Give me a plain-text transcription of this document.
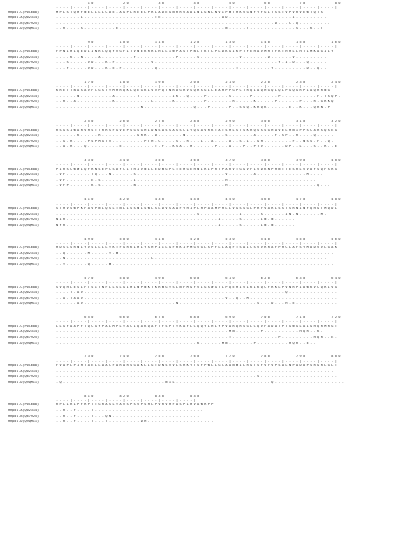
10        20        30        40        50        60        70        80
....|....|....|....|....|....|....|....|....|....|....|....|....|....|....|....|
HRpol-C(P0C688)	MPLSTQHFNELLLLCDE-AGPLREELPRLADEGNRRVADLNLGNLNVIPWTHKVGNFYFGLTSSTVPVRVEWTQTS
HRpol-A(Q02314)	.......L....................TE.................AD..................I.........
HRpol-B(Q67925)	..............................................................D...C.Q.........
HRpol-D(Q9QMI1)	..R....S--.......E..............................N.....T.............S...K..T
90       100       110       120       130       140       150       160
....|....|....|....|....|....|....|....|....|....|....|....|....|....|....|....|
HRpol-C(P0C688)	FPNIHLQEDIINRCQQYVGFLTVNEKRRLHLLIWPASTPNLTKTLPLDKGIKPTFEHAVMHTFKTHHLLHTLMKAGILY
HRpol-A(Q02314)	....K..N....A.........F...........P.....S...........V.......D......V.........
HRpol-B(Q67925)	...S.....VD...K.F..........V...................................Y.I.D...Q.....
HRpol-D(Q9QMI1)	...F.....VD...K.E.F.........Q......................T.........Y.........D..Q..
170       180       190       200       210       220       230       240
....|....|....|....|....|....|....|....|....|....|....|....|....|....|....|....|
HRpol-C(P0C688)	KRETTNASAVFCGSTYMHRQKLQEGKLVVPQTNRDGRVSQRSGILEAHPPGPCTRQLAQHGQLQLPGQGRPLAQRRNG
HRpol-A(Q02314)	......N.........A......T.........IK..Q....P......S.....P.......P..........F.TSQP.
HRpol-B(Q67925)	..R..A..........K..........L.....K........P.......R.....K.....P......P...R.GRKQ
HRpol-D(Q9QMI1)	........................N..............Q...P.....P..SSQ.KRQK......E..K...QRN.P
250       260       270       280       290       300       310       320
....|....|....|....|....|....|....|....|....|....|....|....|....|....|....|....|
HRpol-C(P0C688)	RSGSIWARVHSTTRRSFGVEPSGSGHIDNSASSASSCLYQSAVRKTATSHLSTSKRQSSSGHAVELHNIPPSCARSQSEG
HRpol-A(Q02314)	......K.....R..........GRR..D.......N...........S.......A.....F.SP..R....Q.....
HRpol-B(Q67925)	..G.R....PSPMGTV.........PTH.C....S..R...L..A....D..S.L..GH........F..NSS.F..Q.
HRpol-D(Q9QMI1)	..A.R...Q.........E.........T.F..KSA..H......P...A...P..PTV......DP..L...S..R..E
330       340       350       360       370       380       390       400
....|....|....|....|....|....|....|....|....|....|....|....|....|....|....|....|
HRpol-C(P0C688)	PIRSCWWLQFRNSEPCSDYCLTHIVNLLEDWGPCTEHGEHNIRIPRTPARVTGGVFLVDKNPHNTTESRLVVDFSQFSRG
HRpol-A(Q02314)	.VF.......TQ...N......S.........................V.......A..............M....
HRpol-B(Q67925)	.VF.......E.S.........I.........................H.........................
HRpol-D(Q9QMI1)	.VFP......K.S.........N.........................H.........................Q...
410       420       430       440       450       460       470       480
....|....|....|....|....|....|....|....|....|....|....|....|....|....|....|....|
HRpol-C(P0C688)	STHVSWPKFAVPNLQSLTNLLSSNLSWLSLDVSAAFYHIPLHPAAMPHLLVGSSGLPRYVARLSSTSRNINYQHGTMQDL
HRpol-A(Q02314)	........................................S...........I.....S......IN.N......M.
HRpol-B(Q67925)	NIR...........................................I.....S.....IN.N......
HRpol-D(Q9QMI1)	NYR...........................................I.....S.....IN.N......
490       500       510       520       530       540       550       560
....|....|....|....|....|....|....|....|....|....|....|....|....|....|....|....|
HRpol-C(P0C688)	HDSCSRNLYVSLLLLYKTFGRKLHLYSHPIILGFRKIPMGVGLSPFLLAQFTSAICSVVRRAFPHCLAFSYMDDVVLGAK
HRpol-A(Q02314)	..Q......M.....Y.W.............................................................
HRpol-B(Q67925)	..N........................L.................................................
HRpol-D(Q9QMI1)	..Y......Q.....W...............................................................
570       580       590       600       610       620       630       640
....|....|....|....|....|....|....|....|....|....|....|....|....|....|....|....|
HRpol-C(P0C688)	SVQHLESLFTSITNFLLSLGIHLNPNKTKRWGYSLNFMGYVIGSWGTLPQEHIVLKIKQCFRKLPVNRPIDWKVCQRIVG
HRpol-A(Q02314)	....T.AV.........................................................Q..............
HRpol-B(Q67925)	..A.TAAV........................................V..Q..M.........................
HRpol-D(Q9QMI1)	......AV..........................N......................S...D...H.E............
650       660       670       680       690       700       710       720
....|....|....|....|....|....|....|....|....|....|....|....|....|....|....|....|
HRpol-C(P0C688)	LLGFAAPFTQCGYPALMPLYACIQAKQAFTFSPTYKAFLCQQYLHLYPVARQRSGLCQVFADATPTGWGLAIGHQRMRGT
HRpol-A(Q02314)	.................................................MN.......P..........HQR..K.
HRpol-B(Q67925)	.................................................T.............P.........HQR..E.
HRpol-D(Q9QMI1)	........................................K......MN.......P.........HQR..E..
730       740       750       760       770       780       790       800
....|....|....|....|....|....|....|....|....|....|....|....|....|....|....|....|
HRpol-C(P0C688)	FVAPLPIHTAELLAACFARARSGAKLIGTDNSVVLSRKYTSFPWLLGCAANWILRGTSFVYVPSALNPADDPSRGRLGLT
HRpol-A(Q02314)	...............................................................................
HRpol-B(Q67925)	.........................................................S......................
HRpol-D(Q9QMI1)	.Q.............................NIL...........................Q....................
810       820       830       840
....|....|....|....|....|....|....|....|
HRpol-C(P0C688)	RPLLRLPFRPTTGRASLYAVSPSVPSHLPVRVHFASPLHVAWRPP
HRpol-A(Q02314)	..R..Y....T...............................
HRpol-B(Q67925)	..R..Y....T...QN.........................
HRpol-D(Q9QMI1)	..R..Y....T...T.........DH...................
